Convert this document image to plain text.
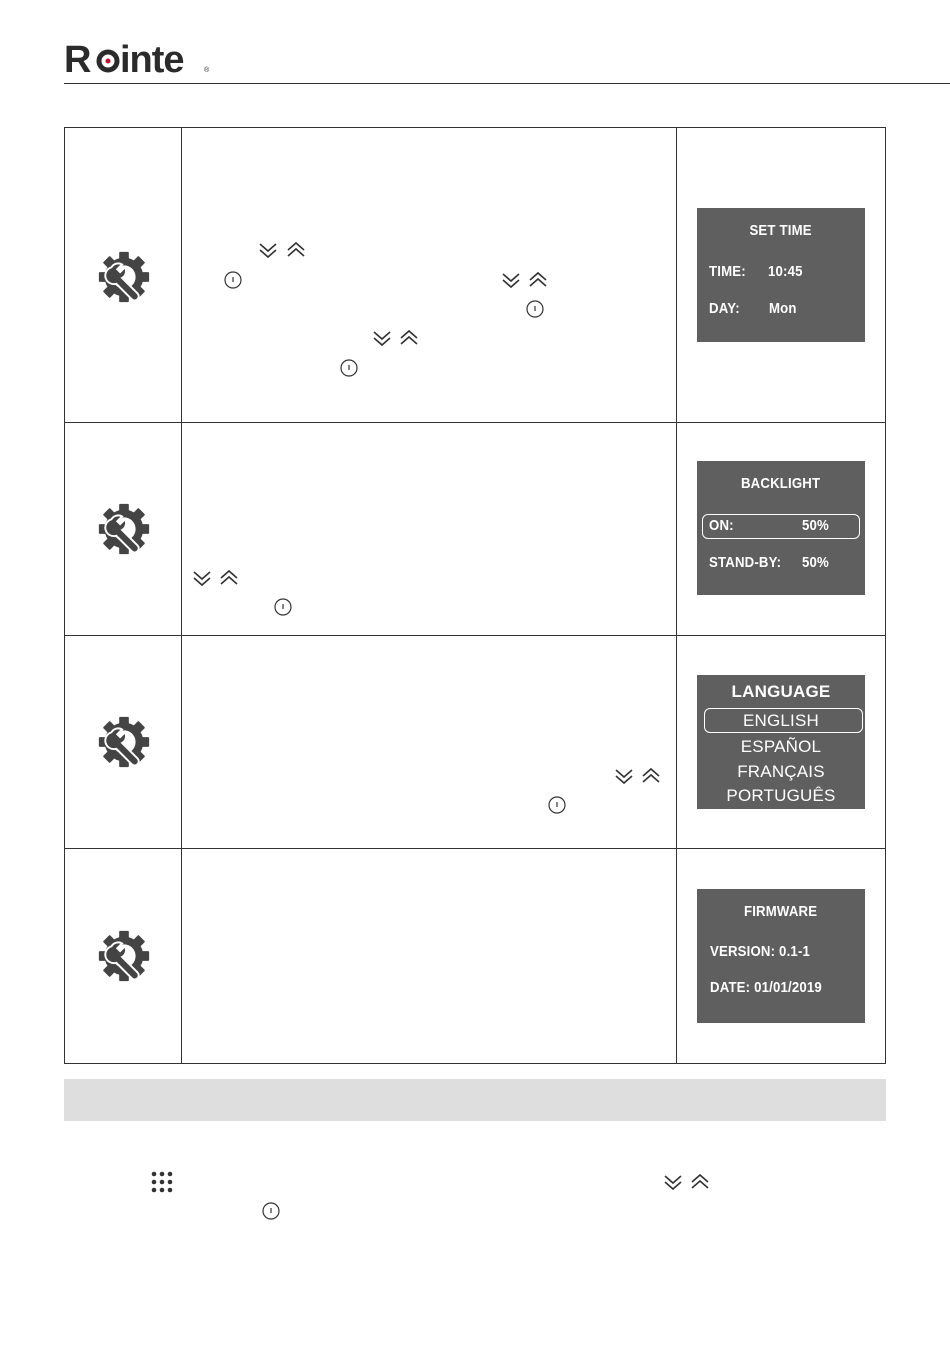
R inte	®
SET TIME
TIME: 10:45
DAY: Mon
BACKLIGHT
ON:	50%
STAND-BY: 50%
LANGUAGE
ENGLISH
ESPAÑOL
FRANÇAIS
PORTUGUÊS
FIRMWARE
VERSION: 0.1-1
DATE: 01/01/2019
